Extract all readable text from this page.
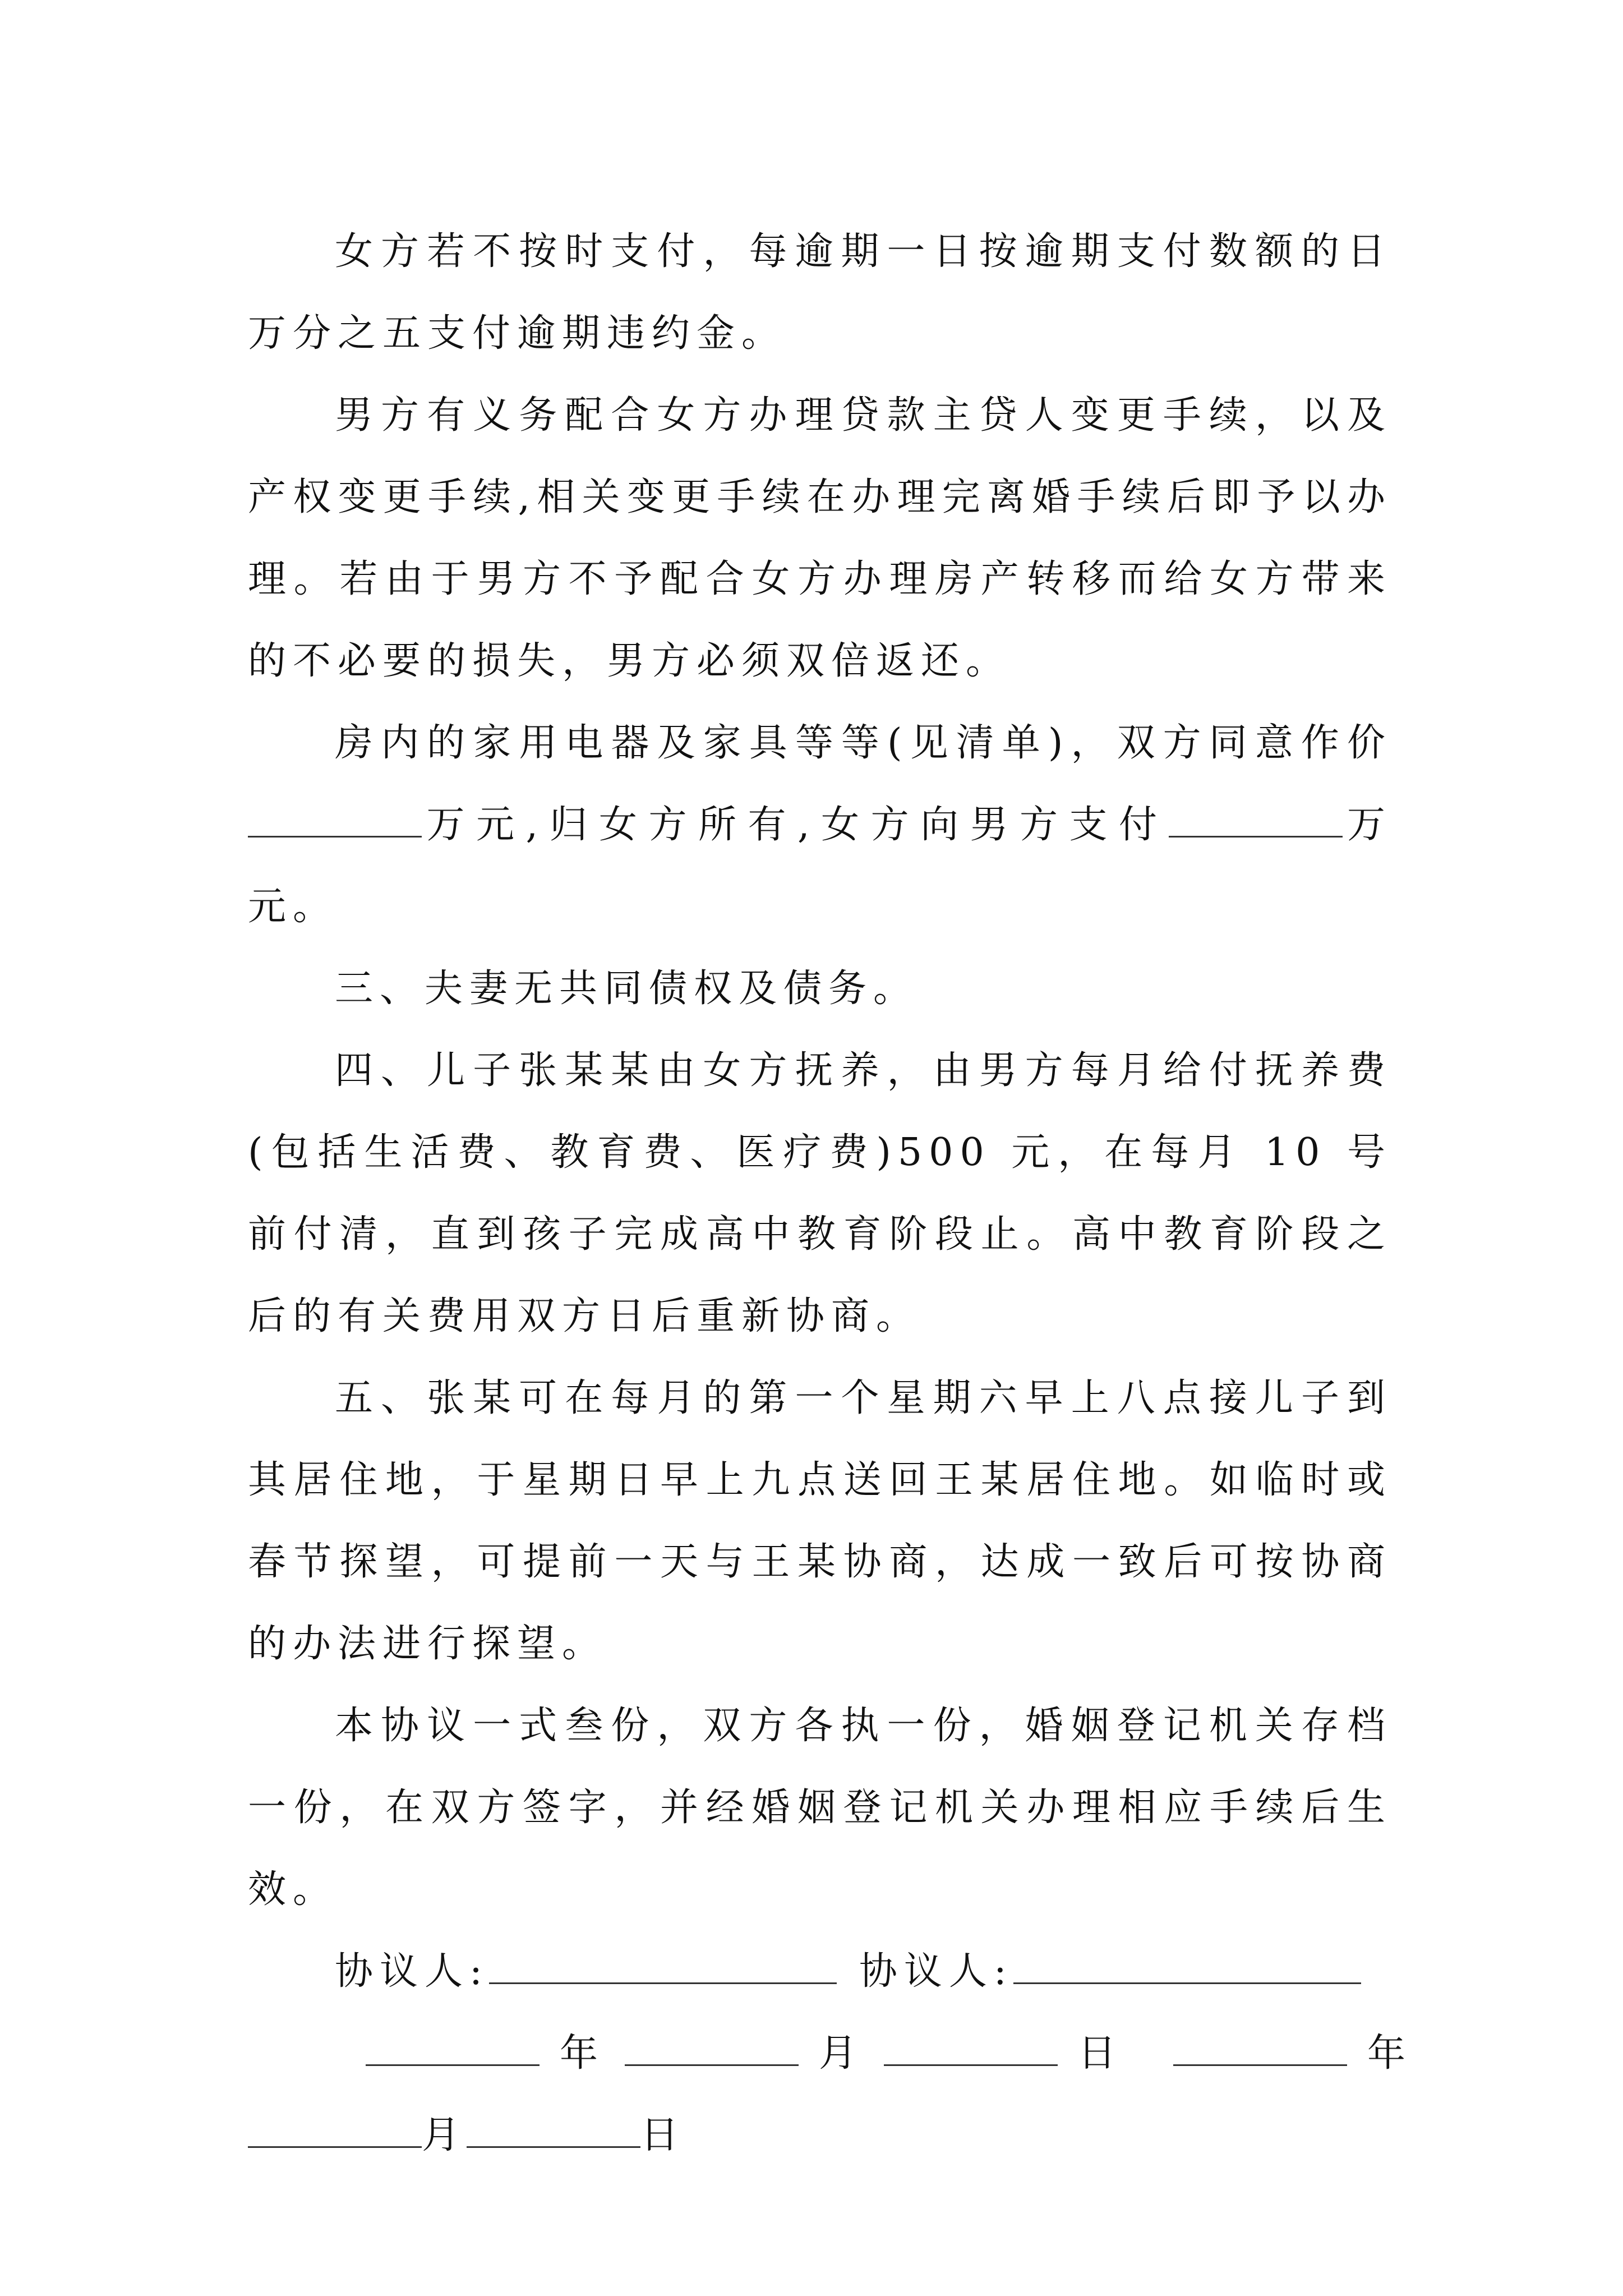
女方若不按时支付，每逾期一日按逾期支付数额的日万分之五支付逾期违约金。

男方有义务配合女方办理贷款主贷人变更手续，以及产权变更手续,相关变更手续在办理完离婚手续后即予以办理。若由于男方不予配合女方办理房产转移而给女方带来的不必要的损失，男方必须双倍返还。

房内的家用电器及家具等等(见清单)，双方同意作价万元,归女方所有,女方向男方支付	万元。

三、夫妻无共同债权及债务。

四、儿子张某某由女方抚养，由男方每月给付抚养费(包括生活费、教育费、医疗费)500 元，在每月 10 号前付清，直到孩子完成高中教育阶段止。高中教育阶段之后的有关费用双方日后重新协商。

五、张某可在每月的第一个星期六早上八点接儿子到其居住地，于星期日早上九点送回王某居住地。如临时或春节探望，可提前一天与王某协商，达成一致后可按协商的办法进行探望。

本协议一式叁份，双方各执一份，婚姻登记机关存档一份，在双方签字，并经婚姻登记机关办理相应手续后生效。

协议人:	协议人:

年	月	日	年

月	日
